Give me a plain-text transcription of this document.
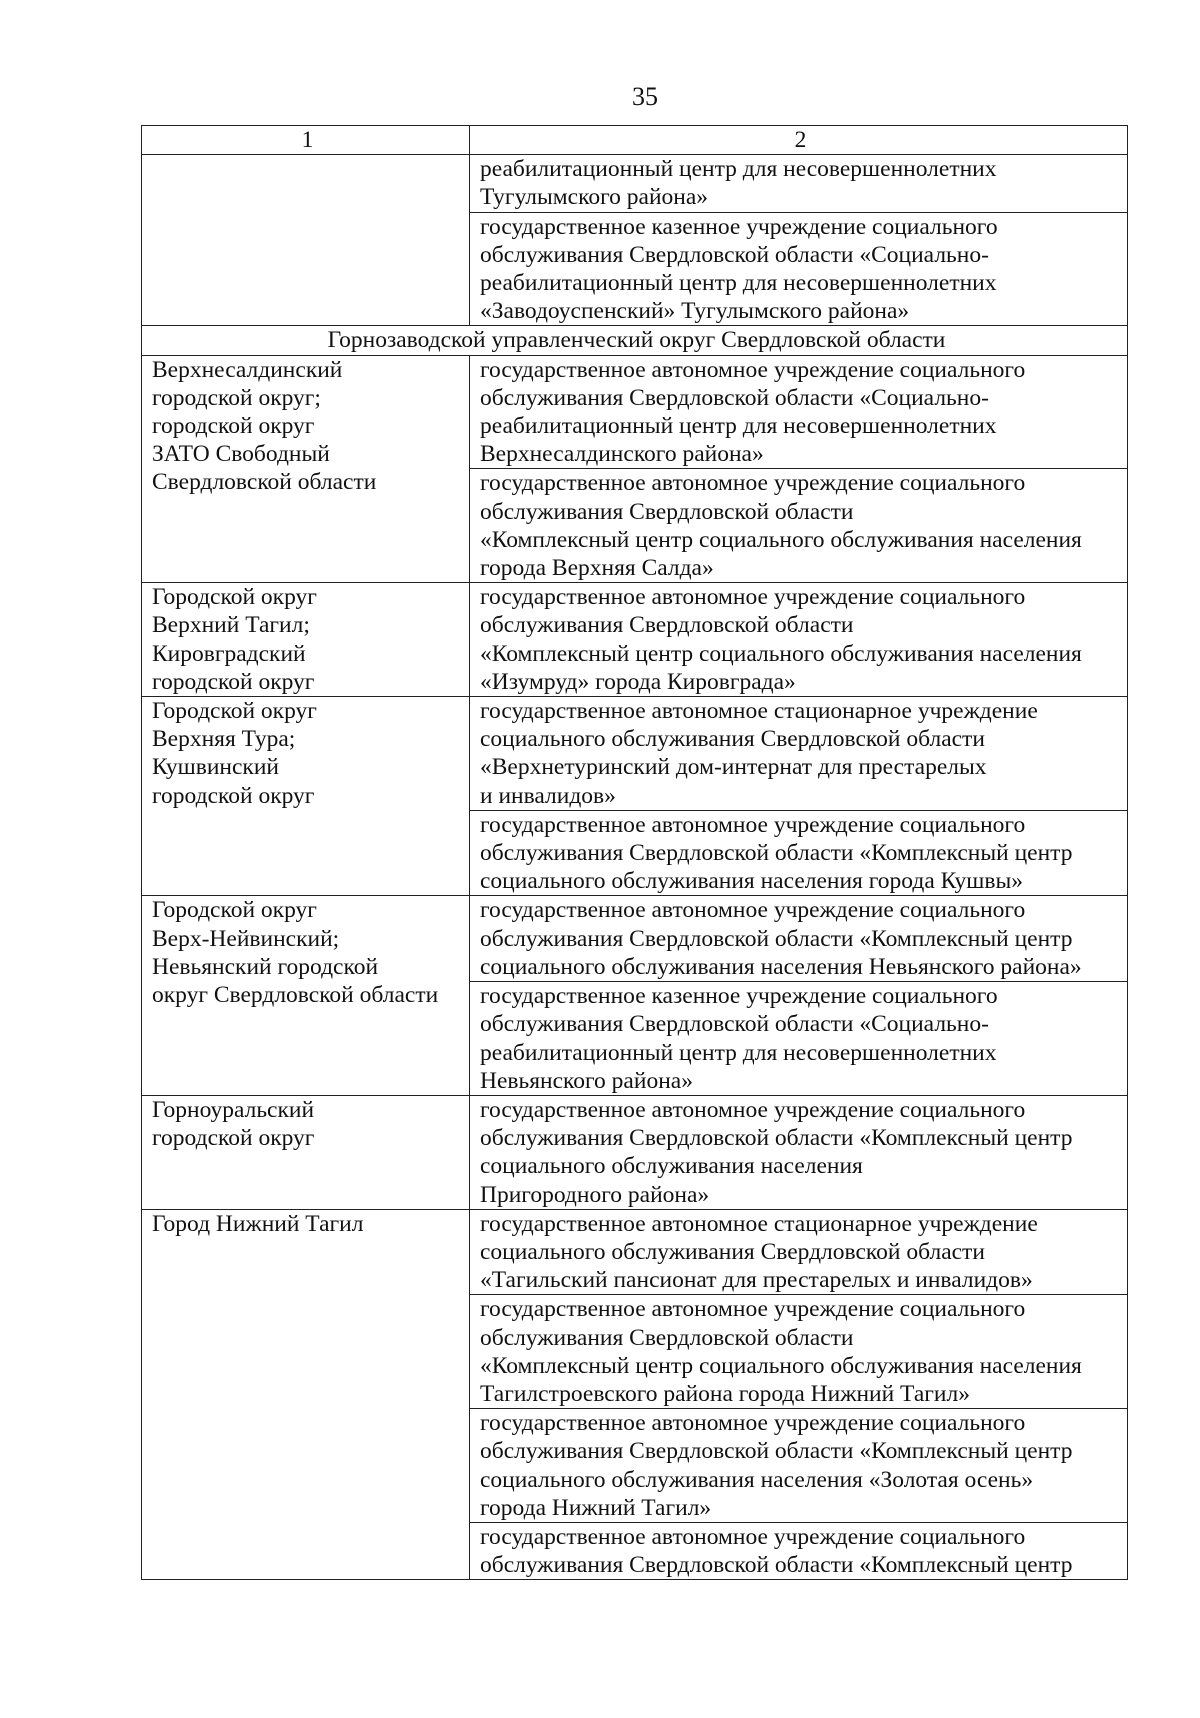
35
1	2
	реабилитационный центр для несовершеннолетних
Тугулымского района»
	государственное казенное учреждение социального
обслуживания Свердловской области «Социально-
реабилитационный центр для несовершеннолетних
«Заводоуспенский» Тугулымского района»
Горнозаводской управленческий округ Свердловской области	
Верхнесалдинский
городской округ;
городской округ
ЗАТО Свободный
Свердловской области	государственное автономное учреждение социального
обслуживания Свердловской области «Социально-
реабилитационный центр для несовершеннолетних
Верхнесалдинского района»
	государственное автономное учреждение социального
обслуживания Свердловской области
«Комплексный центр социального обслуживания населения
города Верхняя Салда»
Городской округ
Верхний Тагил;
Кировградский
городской округ	государственное автономное учреждение социального
обслуживания Свердловской области
«Комплексный центр социального обслуживания населения
«Изумруд» города Кировграда»
Городской округ
Верхняя Тура;
Кушвинский
городской округ	государственное автономное стационарное учреждение
социального обслуживания Свердловской области
«Верхнетуринский дом-интернат для престарелых
и инвалидов»
	государственное автономное учреждение социального
обслуживания Свердловской области «Комплексный центр
социального обслуживания населения города Кушвы»
Городской округ
Верх-Нейвинский;
Невьянский городской
округ Свердловской области	государственное автономное учреждение социального
обслуживания Свердловской области «Комплексный центр
социального обслуживания населения Невьянского района»
	государственное казенное учреждение социального
обслуживания Свердловской области «Социально-
реабилитационный центр для несовершеннолетних
Невьянского района»
Горноуральский
городской округ	государственное автономное учреждение социального
обслуживания Свердловской области «Комплексный центр
социального обслуживания населения
Пригородного района»
Город Нижний Тагил	государственное автономное стационарное учреждение
социального обслуживания Свердловской области
«Тагильский пансионат для престарелых и инвалидов»
	государственное автономное учреждение социального
обслуживания Свердловской области
«Комплексный центр социального обслуживания населения
Тагилстроевского района города Нижний Тагил»
	государственное автономное учреждение социального
обслуживания Свердловской области «Комплексный центр
социального обслуживания населения «Золотая осень»
города Нижний Тагил»
	государственное автономное учреждение социального
обслуживания Свердловской области «Комплексный центр
